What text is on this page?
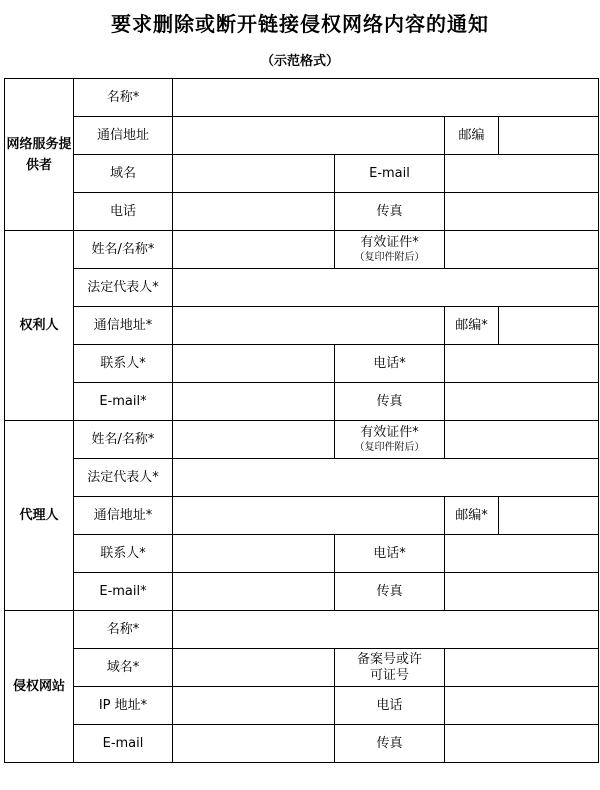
要求删除或断开链接侵权网络内容的通知
（示范格式）
网络服务提供者	名称*				
	通信地址			邮编	
	域名		E-mail		
	电话		传真		
权利人	姓名/名称*		有效证件*
（复印件附后）		

	法定代表人*				
	通信地址*			邮编*	
	联系人*		电话*		
	E-mail*		传真		
代理人	姓名/名称*		有效证件*
（复印件附后）		

	法定代表人*				
	通信地址*			邮编*	
	联系人*		电话*		
	E-mail*		传真		
侵权网站	名称*				
	域名*		备案号或许可证号		
	IP 地址*		电话		
	E-mail		传真		
